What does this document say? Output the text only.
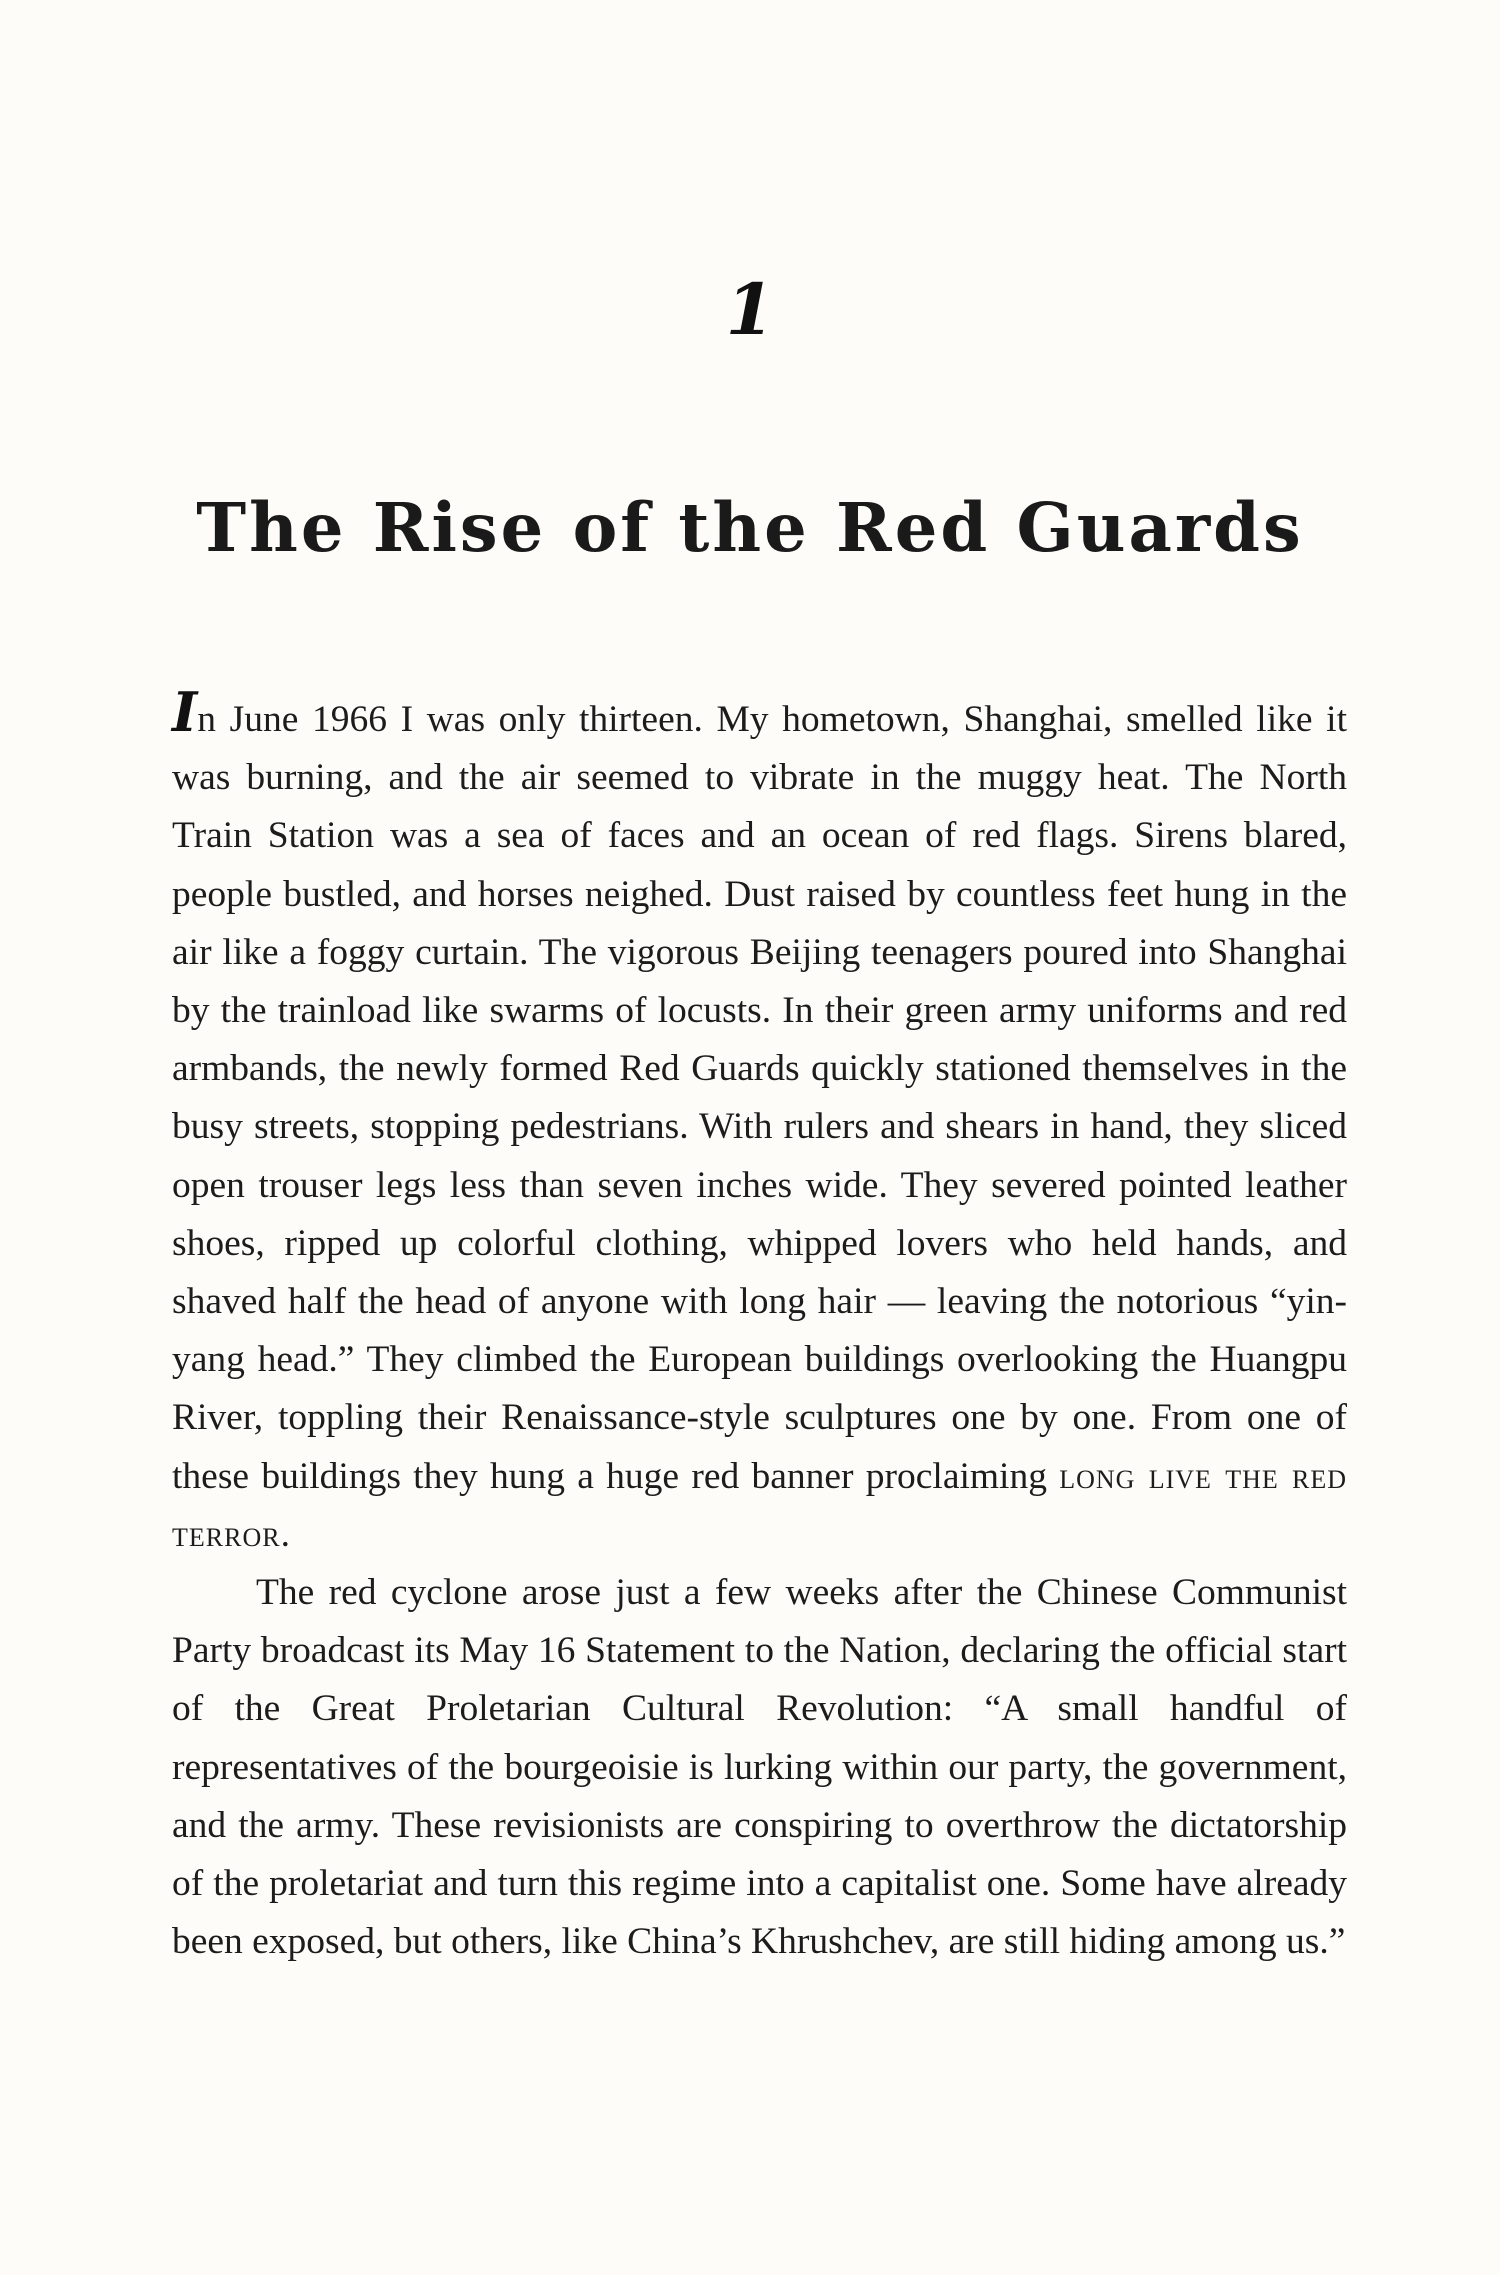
1
The Rise of the Red Guards

In June 1966 I was only thirteen. My hometown, Shanghai, smelled like it was burning, and the air seemed to vibrate in the muggy heat. The North Train Station was a sea of faces and an ocean of red flags. Sirens blared, people bustled, and horses neighed. Dust raised by countless feet hung in the air like a foggy curtain. The vigorous Beijing teenagers poured into Shanghai by the trainload like swarms of locusts. In their green army uniforms and red armbands, the newly formed Red Guards quickly stationed themselves in the busy streets, stopping pedestrians. With rulers and shears in hand, they sliced open trouser legs less than seven inches wide. They severed pointed leather shoes, ripped up colorful clothing, whipped lovers who held hands, and shaved half the head of anyone with long hair — leaving the notorious “yin-yang head.” They climbed the European buildings overlooking the Huangpu River, toppling their Renaissance-style sculptures one by one. From one of these buildings they hung a huge red banner proclaiming long live the red terror.

The red cyclone arose just a few weeks after the Chinese Communist Party broadcast its May 16 Statement to the Nation, declaring the official start of the Great Proletarian Cultural Revolution: “A small handful of representatives of the bourgeoisie is lurking within our party, the government, and the army. These revisionists are conspiring to overthrow the dictatorship of the proletariat and turn this regime into a capitalist one. Some have already been exposed, but others, like China’s Khrushchev, are still hiding among us.”
